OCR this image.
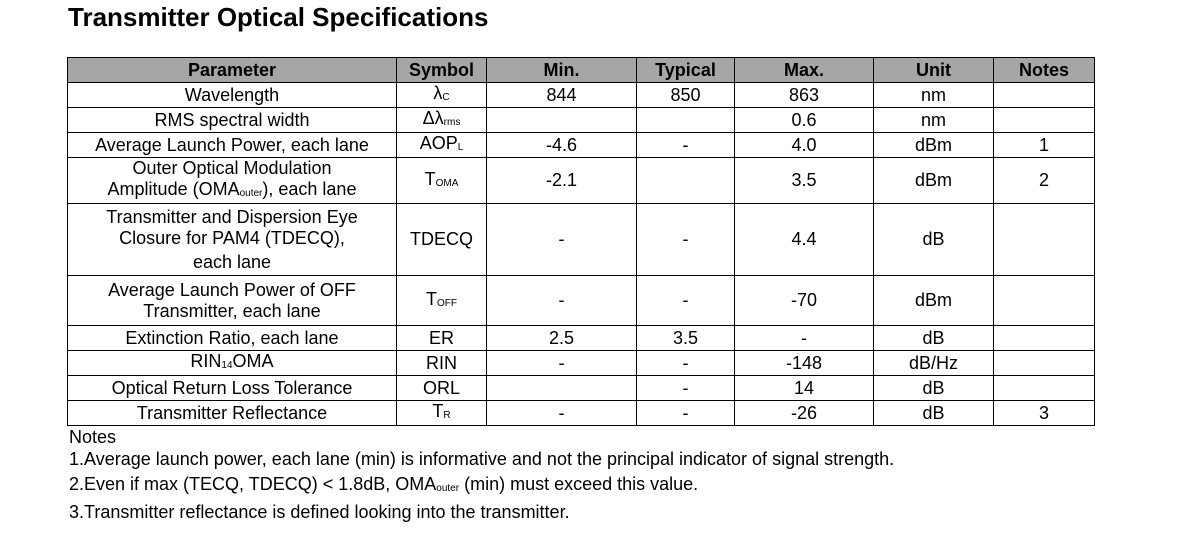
Transmitter Optical Specifications
Parameter	Symbol	Min.	Typical	Max.	Unit	Notes
Wavelength	$\lambda_C$	844	850	863	nm	
RMS spectral width	$\Delta\lambda_{rms}$			0.6	nm	
Average Launch Power, each lane	$AOP_L$	-4.6	-	4.0	dBm	1

Outer Optical Modulation
Amplitude $(OMA_{outer})$, each lane	$T_{OMA}$	-2.1		3.5	dBm	2

Transmitter and Dispersion Eye
Closure for PAM4 (TDECQ),
each lane	TDECQ	-	-	4.4	dB	

Average Launch Power of OFF
Transmitter, each lane	$T_{OFF}$	-	-	-70	dBm	
Extinction Ratio, each lane	ER	2.5	3.5	-	dB	
$RIN_{14}OMA$	RIN	-	-	-148	dB/Hz	
Optical Return Loss Tolerance	ORL		-	14	dB	
Transmitter Reflectance	$T_R$	-	-	-26	dB	3
Notes
1.Average launch power, each lane (min) is informative and not the principal indicator of signal strength.
2.Even if max (TECQ, TDECQ) < 1.8dB, $OMA_{outer}$ (min) must exceed this value.
3.Transmitter reflectance is defined looking into the transmitter.
